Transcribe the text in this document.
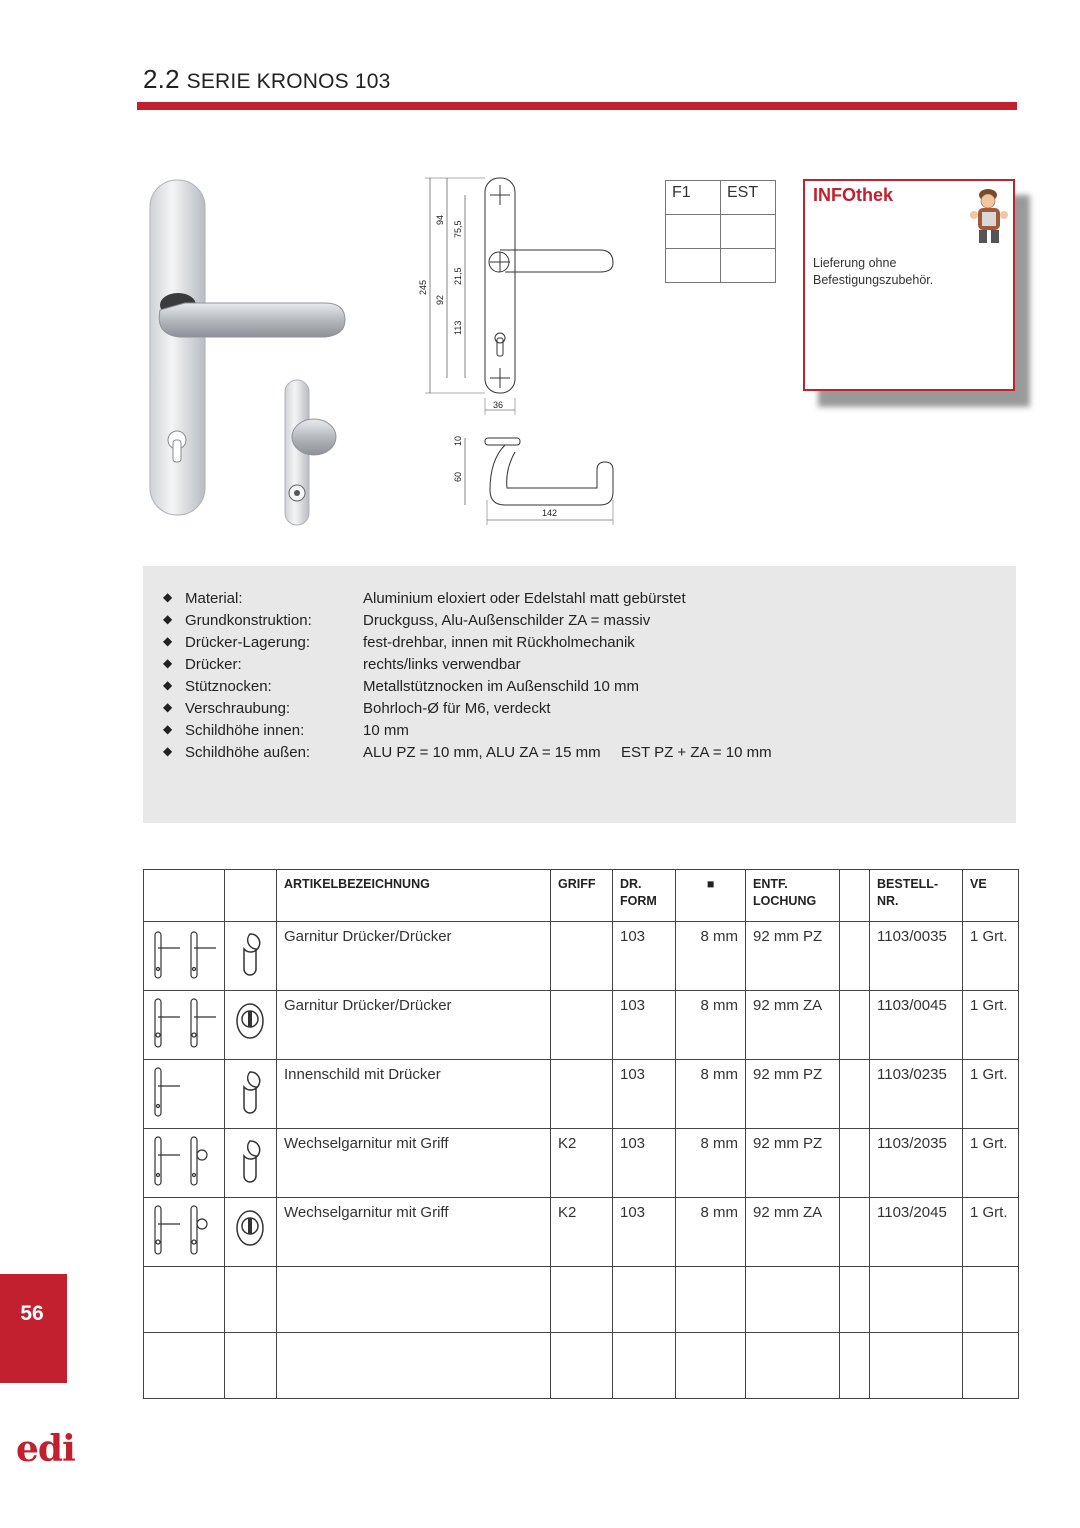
2.2 SERIE KRONOS 103
245
94
75,5
21,5
92
113
36
10
60
142
F1	EST

		INFOthek
Lieferung ohne Befestigungszubehör.
◆ Material:	Aluminium eloxiert oder Edelstahl matt gebürstet
◆ Grundkonstruktion:	Druckguss, Alu-Außenschilder ZA = massiv
◆ Drücker-Lagerung:	fest-drehbar, innen mit Rückholmechanik
◆ Drücker:	rechts/links verwendbar
◆ Stütznocken:	Metallstütznocken im Außenschild 10 mm
◆ Verschraubung:	Bohrloch-Ø für M6, verdeckt
◆ Schildhöhe innen:	10 mm
◆ Schildhöhe außen:	ALU PZ = 10 mm, ALU ZA = 15 mm EST PZ + ZA = 10 mm
		ARTIKELBEZEICHNUNG	GRIFF	DR. FORM	■	ENTF. LOCHUNG		BESTELL- NR.	VE
		Garnitur Drücker/Drücker		103	8 mm	92 mm PZ		1103/0035	1 Grt.
		Garnitur Drücker/Drücker		103	8 mm	92 mm ZA		1103/0045	1 Grt.
		Innenschild mit Drücker		103	8 mm	92 mm PZ		1103/0235	1 Grt.
		Wechselgarnitur mit Griff	K2	103	8 mm	92 mm PZ		1103/2035	1 Grt.
		Wechselgarnitur mit Griff	K2	103	8 mm	92 mm ZA		1103/2045	1 Grt.

56
edi
